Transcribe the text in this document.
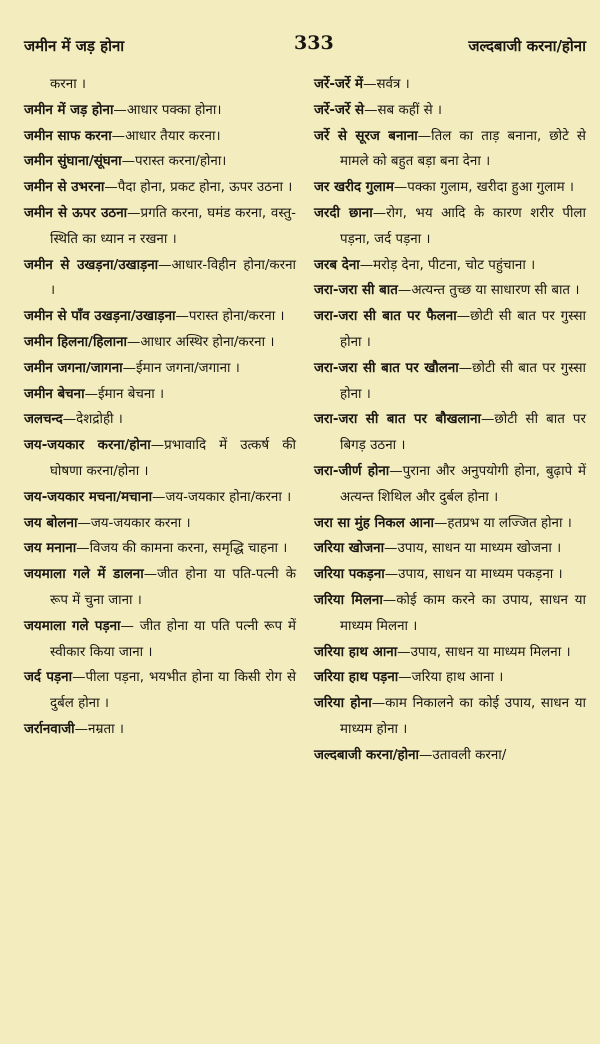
जमीन में जड़ होना	333	जल्दबाजी करना/होना

करना ।

जमीन में जड़ होना—आधार पक्का होना।

जमीन साफ करना—आधार तैयार करना।

जमीन सुंघाना/सूंघना—परास्त करना/होना।

जमीन से उभरना—पैदा होना, प्रकट होना, ऊपर उठना ।

जमीन से ऊपर उठना—प्रगति करना, घमंड करना, वस्तु-स्थिति का ध्यान न रखना ।

जमीन से उखड़ना/उखाड़ना—आधार-विहीन होना/करना ।

जमीन से पाँव उखड़ना/उखाड़ना—परास्त होना/करना ।

जमीन हिलना/हिलाना—आधार अस्थिर होना/करना ।

जमीन जगना/जागना—ईमान जगना/जगाना ।

जमीन बेचना—ईमान बेचना ।

जलचन्द—देशद्रोही ।

जय-जयकार करना/होना—प्रभावादि में उत्कर्ष की घोषणा करना/होना ।

जय-जयकार मचना/मचाना—जय-जयकार होना/करना ।

जय बोलना—जय-जयकार करना ।

जय मनाना—विजय की कामना करना, समृद्धि चाहना ।

जयमाला गले में डालना—जीत होना या पति-पत्नी के रूप में चुना जाना ।

जयमाला गले पड़ना— जीत होना या पति पत्नी रूप में स्वीकार किया जाना ।

जर्द पड़ना—पीला पड़ना, भयभीत होना या किसी रोग से दुर्बल होना ।

जर्रानवाजी—नम्रता ।

जर्रे-जर्रे में—सर्वत्र ।

जर्रे-जर्रे से—सब कहीं से ।

जर्रे से सूरज बनाना—तिल का ताड़ बनाना, छोटे से मामले को बहुत बड़ा बना देना ।

जर खरीद गुलाम—पक्का गुलाम, खरीदा हुआ गुलाम ।

जरदी छाना—रोग, भय आदि के कारण शरीर पीला पड़ना, जर्द पड़ना ।

जरब देना—मरोड़ देना, पीटना, चोट पहुंचाना ।

जरा-जरा सी बात—अत्यन्त तुच्छ या साधारण सी बात ।

जरा-जरा सी बात पर फैलना—छोटी सी बात पर गुस्सा होना ।

जरा-जरा सी बात पर खौलना—छोटी सी बात पर गुस्सा होना ।

जरा-जरा सी बात पर बौखलाना—छोटी सी बात पर बिगड़ उठना ।

जरा-जीर्ण होना—पुराना और अनुपयोगी होना, बुढ़ापे में अत्यन्त शिथिल और दुर्बल होना ।

जरा सा मुंह निकल आना—हतप्रभ या लज्जित होना ।

जरिया खोजना—उपाय, साधन या माध्यम खोजना ।

जरिया पकड़ना—उपाय, साधन या माध्यम पकड़ना ।

जरिया मिलना—कोई काम करने का उपाय, साधन या माध्यम मिलना ।

जरिया हाथ आना—उपाय, साधन या माध्यम मिलना ।

जरिया हाथ पड़ना—जरिया हाथ आना ।

जरिया होना—काम निकालने का कोई उपाय, साधन या माध्यम होना ।

जल्दबाजी करना/होना—उतावली करना/
